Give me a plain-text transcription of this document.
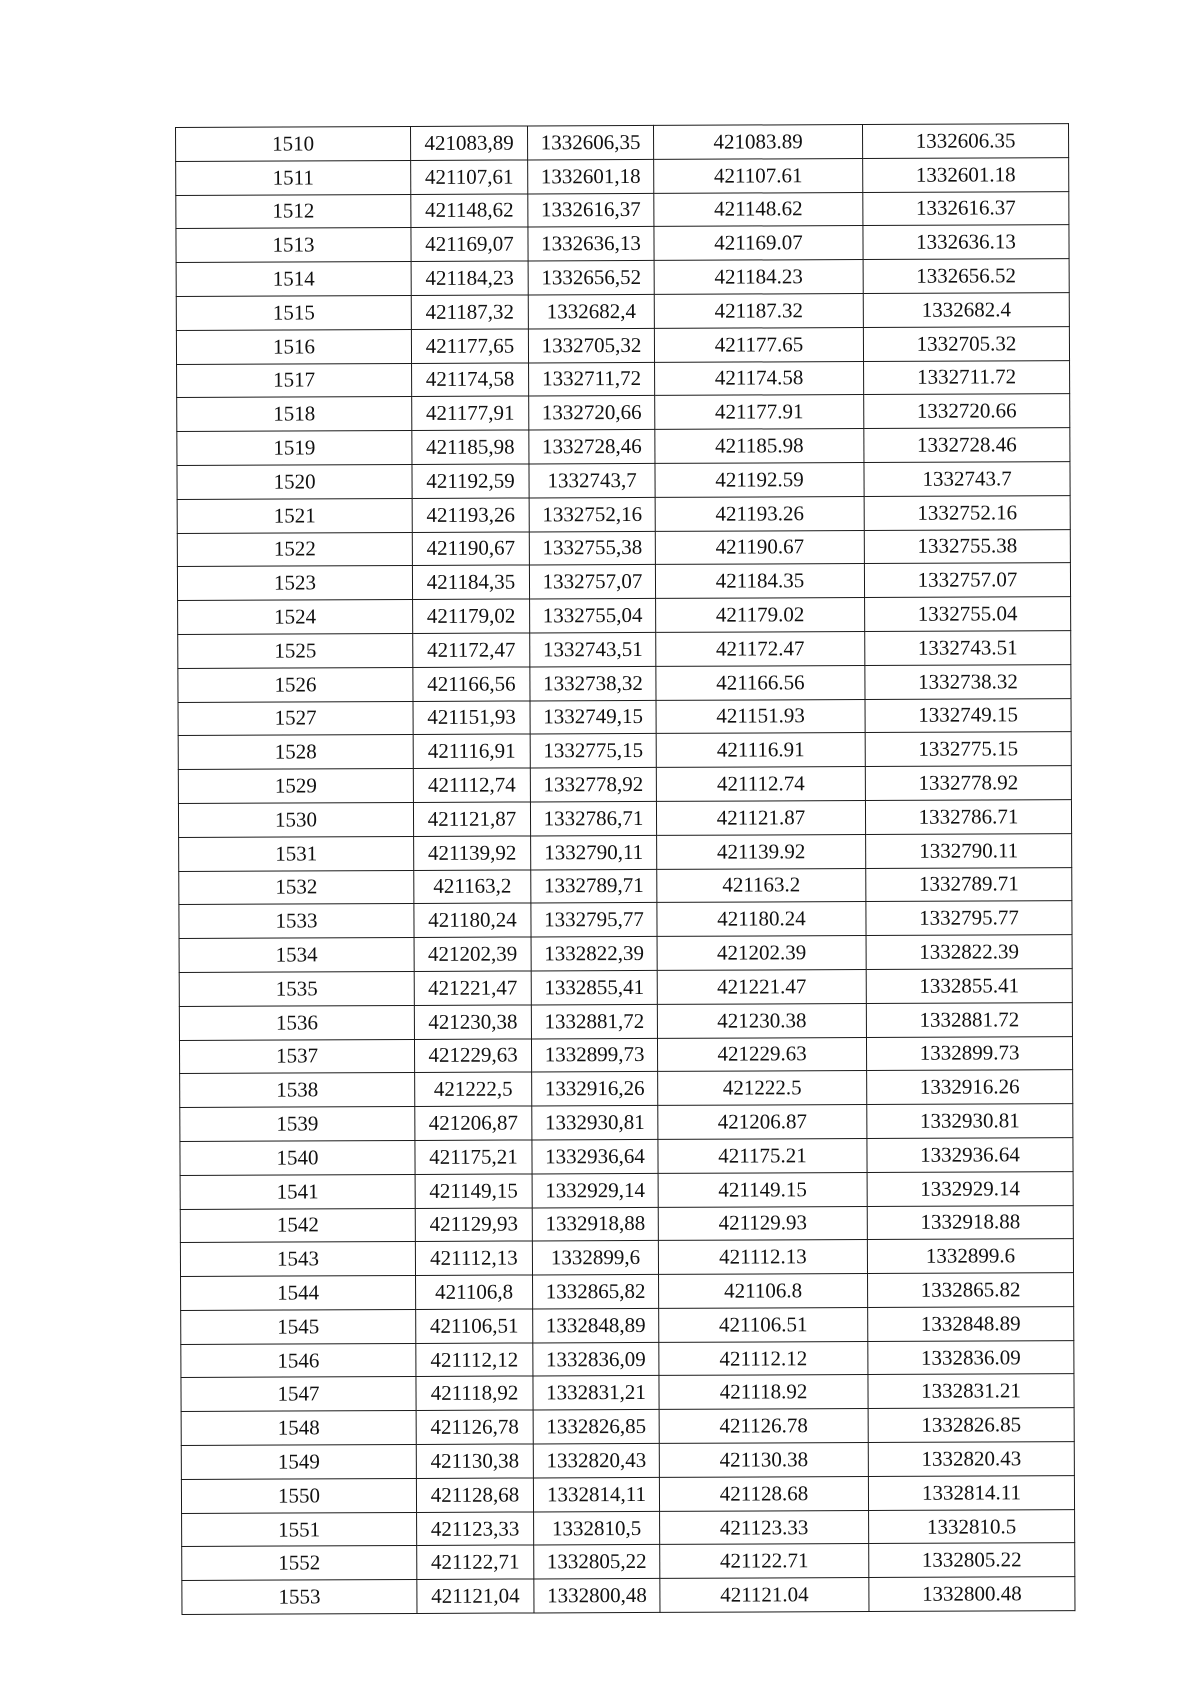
1510	421083,89	1332606,35	421083.89	1332606.35
1511	421107,61	1332601,18	421107.61	1332601.18
1512	421148,62	1332616,37	421148.62	1332616.37
1513	421169,07	1332636,13	421169.07	1332636.13
1514	421184,23	1332656,52	421184.23	1332656.52
1515	421187,32	1332682,4	421187.32	1332682.4
1516	421177,65	1332705,32	421177.65	1332705.32
1517	421174,58	1332711,72	421174.58	1332711.72
1518	421177,91	1332720,66	421177.91	1332720.66
1519	421185,98	1332728,46	421185.98	1332728.46
1520	421192,59	1332743,7	421192.59	1332743.7
1521	421193,26	1332752,16	421193.26	1332752.16
1522	421190,67	1332755,38	421190.67	1332755.38
1523	421184,35	1332757,07	421184.35	1332757.07
1524	421179,02	1332755,04	421179.02	1332755.04
1525	421172,47	1332743,51	421172.47	1332743.51
1526	421166,56	1332738,32	421166.56	1332738.32
1527	421151,93	1332749,15	421151.93	1332749.15
1528	421116,91	1332775,15	421116.91	1332775.15
1529	421112,74	1332778,92	421112.74	1332778.92
1530	421121,87	1332786,71	421121.87	1332786.71
1531	421139,92	1332790,11	421139.92	1332790.11
1532	421163,2	1332789,71	421163.2	1332789.71
1533	421180,24	1332795,77	421180.24	1332795.77
1534	421202,39	1332822,39	421202.39	1332822.39
1535	421221,47	1332855,41	421221.47	1332855.41
1536	421230,38	1332881,72	421230.38	1332881.72
1537	421229,63	1332899,73	421229.63	1332899.73
1538	421222,5	1332916,26	421222.5	1332916.26
1539	421206,87	1332930,81	421206.87	1332930.81
1540	421175,21	1332936,64	421175.21	1332936.64
1541	421149,15	1332929,14	421149.15	1332929.14
1542	421129,93	1332918,88	421129.93	1332918.88
1543	421112,13	1332899,6	421112.13	1332899.6
1544	421106,8	1332865,82	421106.8	1332865.82
1545	421106,51	1332848,89	421106.51	1332848.89
1546	421112,12	1332836,09	421112.12	1332836.09
1547	421118,92	1332831,21	421118.92	1332831.21
1548	421126,78	1332826,85	421126.78	1332826.85
1549	421130,38	1332820,43	421130.38	1332820.43
1550	421128,68	1332814,11	421128.68	1332814.11
1551	421123,33	1332810,5	421123.33	1332810.5
1552	421122,71	1332805,22	421122.71	1332805.22
1553	421121,04	1332800,48	421121.04	1332800.48
